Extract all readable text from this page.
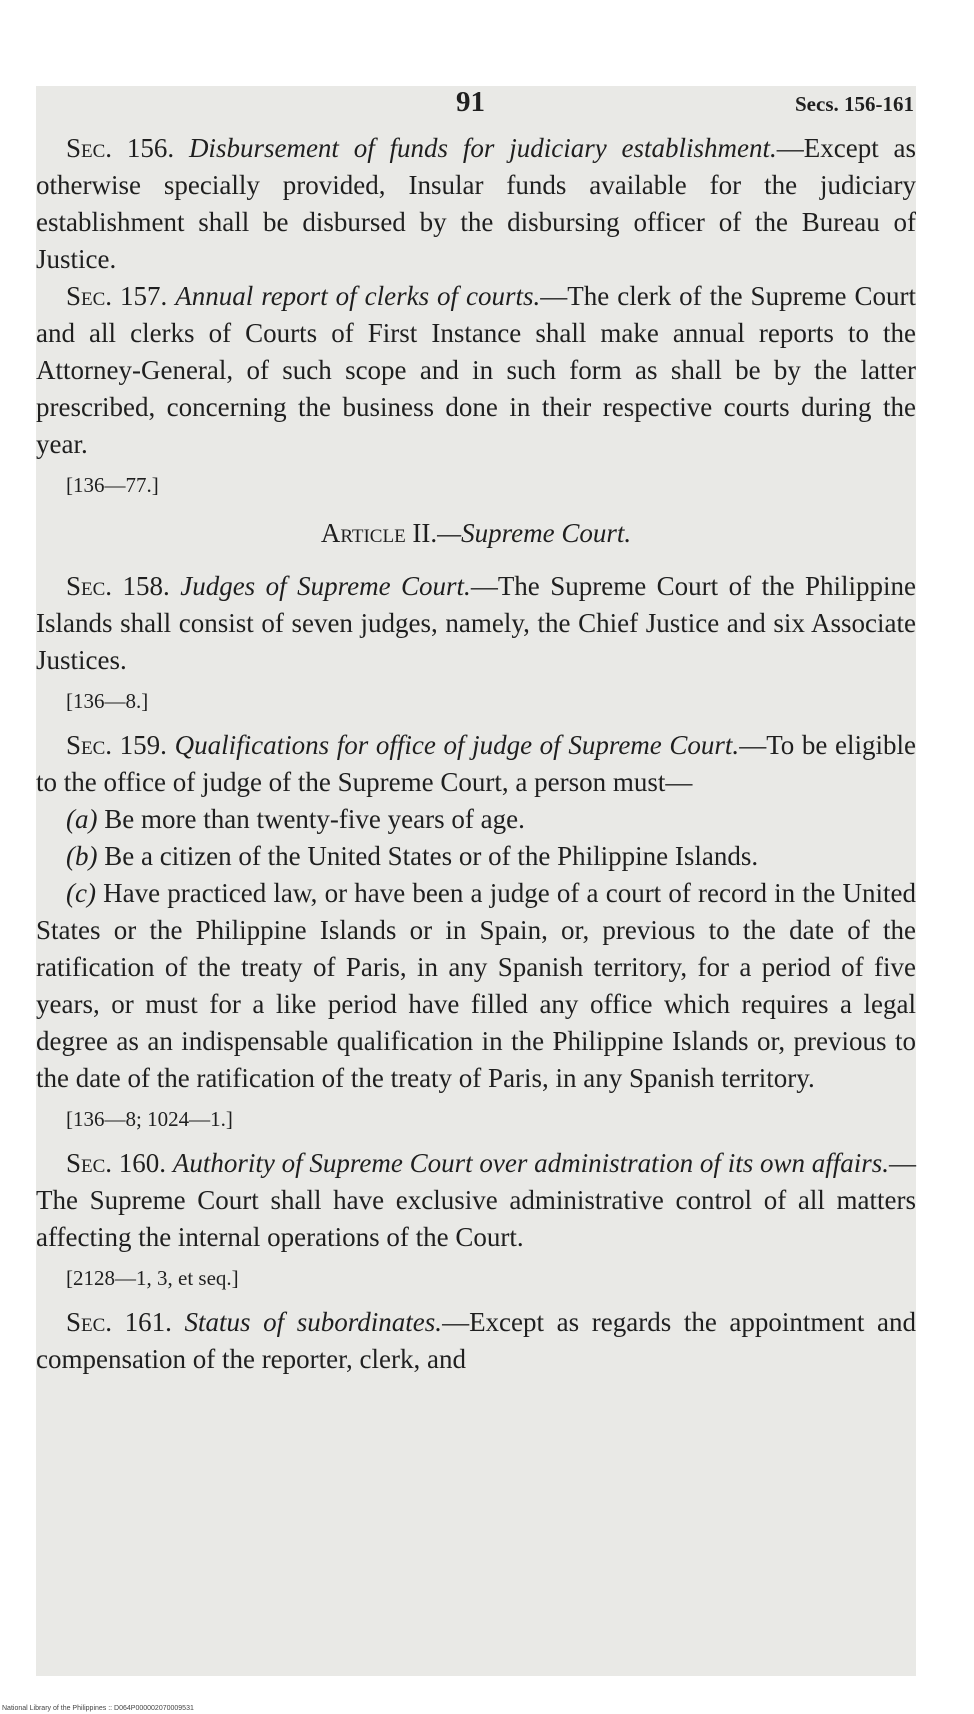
91	Secs. 156-161

Sec. 156. Disbursement of funds for judiciary establishment.—Except as otherwise specially provided, Insular funds available for the judiciary establishment shall be disbursed by the disbursing officer of the Bureau of Justice.

Sec. 157. Annual report of clerks of courts.—The clerk of the Supreme Court and all clerks of Courts of First Instance shall make annual reports to the Attorney-General, of such scope and in such form as shall be by the latter prescribed, concerning the business done in their respective courts during the year.

[136—77.]

Article II.—Supreme Court.

Sec. 158. Judges of Supreme Court.—The Supreme Court of the Philippine Islands shall consist of seven judges, namely, the Chief Justice and six Associate Justices.

[136—8.]

Sec. 159. Qualifications for office of judge of Supreme Court.—To be eligible to the office of judge of the Supreme Court, a person must—

(a) Be more than twenty-five years of age.

(b) Be a citizen of the United States or of the Philippine Islands.

(c) Have practiced law, or have been a judge of a court of record in the United States or the Philippine Islands or in Spain, or, previous to the date of the ratification of the treaty of Paris, in any Spanish territory, for a period of five years, or must for a like period have filled any office which requires a legal degree as an indispensable qualification in the Philippine Islands or, previous to the date of the ratification of the treaty of Paris, in any Spanish territory.

[136—8; 1024—1.]

Sec. 160. Authority of Supreme Court over administration of its own affairs.—The Supreme Court shall have exclusive administrative control of all matters affecting the internal operations of the Court.

[2128—1, 3, et seq.]

Sec. 161. Status of subordinates.—Except as regards the appointment and compensation of the reporter, clerk, and

National Library of the Philippines :: D064P000002070009531
